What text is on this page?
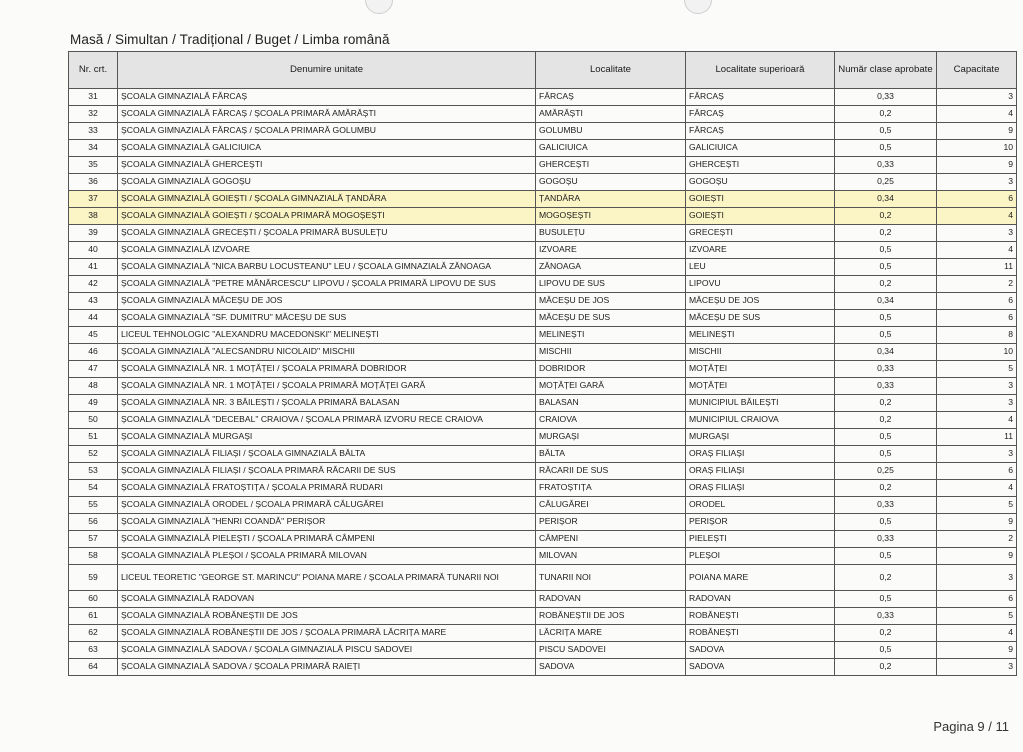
Masă / Simultan / Tradițional / Buget / Limba română
Nr. crt.	Denumire unitate	Localitate	Localitate superioară	Număr clase aprobate	Capacitate
31	ȘCOALA GIMNAZIALĂ FĂRCAȘ	FĂRCAȘ	FĂRCAȘ	0,33	3
32	ȘCOALA GIMNAZIALĂ FĂRCAȘ / ȘCOALA PRIMARĂ AMĂRĂȘTI	AMĂRĂȘTI	FĂRCAȘ	0,2	4
33	ȘCOALA GIMNAZIALĂ FĂRCAȘ / ȘCOALA PRIMARĂ GOLUMBU	GOLUMBU	FĂRCAȘ	0,5	9
34	ȘCOALA GIMNAZIALĂ GALICIUICA	GALICIUICA	GALICIUICA	0,5	10
35	ȘCOALA GIMNAZIALĂ GHERCEȘTI	GHERCEȘTI	GHERCEȘTI	0,33	9
36	ȘCOALA GIMNAZIALĂ GOGOȘU	GOGOȘU	GOGOȘU	0,25	3
37	ȘCOALA GIMNAZIALĂ GOIEȘTI / ȘCOALA GIMNAZIALĂ ȚANDĂRA	ȚANDĂRA	GOIEȘTI	0,34	6
38	ȘCOALA GIMNAZIALĂ GOIEȘTI / ȘCOALA PRIMARĂ MOGOȘEȘTI	MOGOȘEȘTI	GOIEȘTI	0,2	4
39	ȘCOALA GIMNAZIALĂ GRECEȘTI / ȘCOALA PRIMARĂ BUSULEȚU	BUSULEȚU	GRECEȘTI	0,2	3
40	ȘCOALA GIMNAZIALĂ IZVOARE	IZVOARE	IZVOARE	0,5	4
41	ȘCOALA GIMNAZIALĂ "NICA BARBU LOCUSTEANU" LEU / ȘCOALA GIMNAZIALĂ ZĂNOAGA	ZĂNOAGA	LEU	0,5	11
42	ȘCOALA GIMNAZIALĂ "PETRE MĂNĂRCESCU" LIPOVU / ȘCOALA PRIMARĂ LIPOVU DE SUS	LIPOVU DE SUS	LIPOVU	0,2	2
43	ȘCOALA GIMNAZIALĂ MĂCEȘU DE JOS	MĂCEȘU DE JOS	MĂCEȘU DE JOS	0,34	6
44	ȘCOALA GIMNAZIALĂ "SF. DUMITRU" MĂCEȘU DE SUS	MĂCEȘU DE SUS	MĂCEȘU DE SUS	0,5	6
45	LICEUL TEHNOLOGIC "ALEXANDRU MACEDONSKI" MELINEȘTI	MELINEȘTI	MELINEȘTI	0,5	8
46	ȘCOALA GIMNAZIALĂ "ALECSANDRU NICOLAID" MISCHII	MISCHII	MISCHII	0,34	10
47	ȘCOALA GIMNAZIALĂ NR. 1 MOȚĂȚEI / ȘCOALA PRIMARĂ DOBRIDOR	DOBRIDOR	MOȚĂȚEI	0,33	5
48	ȘCOALA GIMNAZIALĂ NR. 1 MOȚĂȚEI / ȘCOALA PRIMARĂ MOȚĂȚEI GARĂ	MOȚĂȚEI GARĂ	MOȚĂȚEI	0,33	3
49	ȘCOALA GIMNAZIALĂ NR. 3 BĂILEȘTI / ȘCOALA PRIMARĂ BALASAN	BALASAN	MUNICIPIUL BĂILEȘTI	0,2	3
50	ȘCOALA GIMNAZIALĂ "DECEBAL" CRAIOVA / ȘCOALA PRIMARĂ IZVORU RECE CRAIOVA	CRAIOVA	MUNICIPIUL CRAIOVA	0,2	4
51	ȘCOALA GIMNAZIALĂ MURGAȘI	MURGAȘI	MURGAȘI	0,5	11
52	ȘCOALA GIMNAZIALĂ FILIAȘI / ȘCOALA GIMNAZIALĂ BĂLTA	BĂLTA	ORAȘ FILIAȘI	0,5	3
53	ȘCOALA GIMNAZIALĂ FILIAȘI / ȘCOALA PRIMARĂ RĂCARII DE SUS	RĂCARII DE SUS	ORAȘ FILIAȘI	0,25	6
54	ȘCOALA GIMNAZIALĂ FRATOȘTIȚA / ȘCOALA PRIMARĂ RUDARI	FRATOȘTIȚA	ORAȘ FILIAȘI	0,2	4
55	ȘCOALA GIMNAZIALĂ ORODEL / ȘCOALA PRIMARĂ CĂLUGĂREI	CĂLUGĂREI	ORODEL	0,33	5
56	ȘCOALA GIMNAZIALĂ "HENRI COANDĂ" PERIȘOR	PERIȘOR	PERIȘOR	0,5	9
57	ȘCOALA GIMNAZIALĂ PIELEȘTI / ȘCOALA PRIMARĂ CÂMPENI	CÂMPENI	PIELEȘTI	0,33	2
58	ȘCOALA GIMNAZIALĂ PLEȘOI / ȘCOALA PRIMARĂ MILOVAN	MILOVAN	PLEȘOI	0,5	9
59	LICEUL TEORETIC "GEORGE ST. MARINCU" POIANA MARE / ȘCOALA PRIMARĂ TUNARII NOI	TUNARII NOI	POIANA MARE	0,2	3
60	ȘCOALA GIMNAZIALĂ RADOVAN	RADOVAN	RADOVAN	0,5	6
61	ȘCOALA GIMNAZIALĂ ROBĂNEȘTII DE JOS	ROBĂNEȘTII DE JOS	ROBĂNEȘTI	0,33	5
62	ȘCOALA GIMNAZIALĂ ROBĂNEȘTII DE JOS / ȘCOALA PRIMARĂ LĂCRIȚA MARE	LĂCRIȚA MARE	ROBĂNEȘTI	0,2	4
63	ȘCOALA GIMNAZIALĂ SADOVA / ȘCOALA GIMNAZIALĂ PISCU SADOVEI	PISCU SADOVEI	SADOVA	0,5	9
64	ȘCOALA GIMNAZIALĂ SADOVA / ȘCOALA PRIMARĂ RAIEȚI	SADOVA	SADOVA	0,2	3
Pagina 9 / 11
